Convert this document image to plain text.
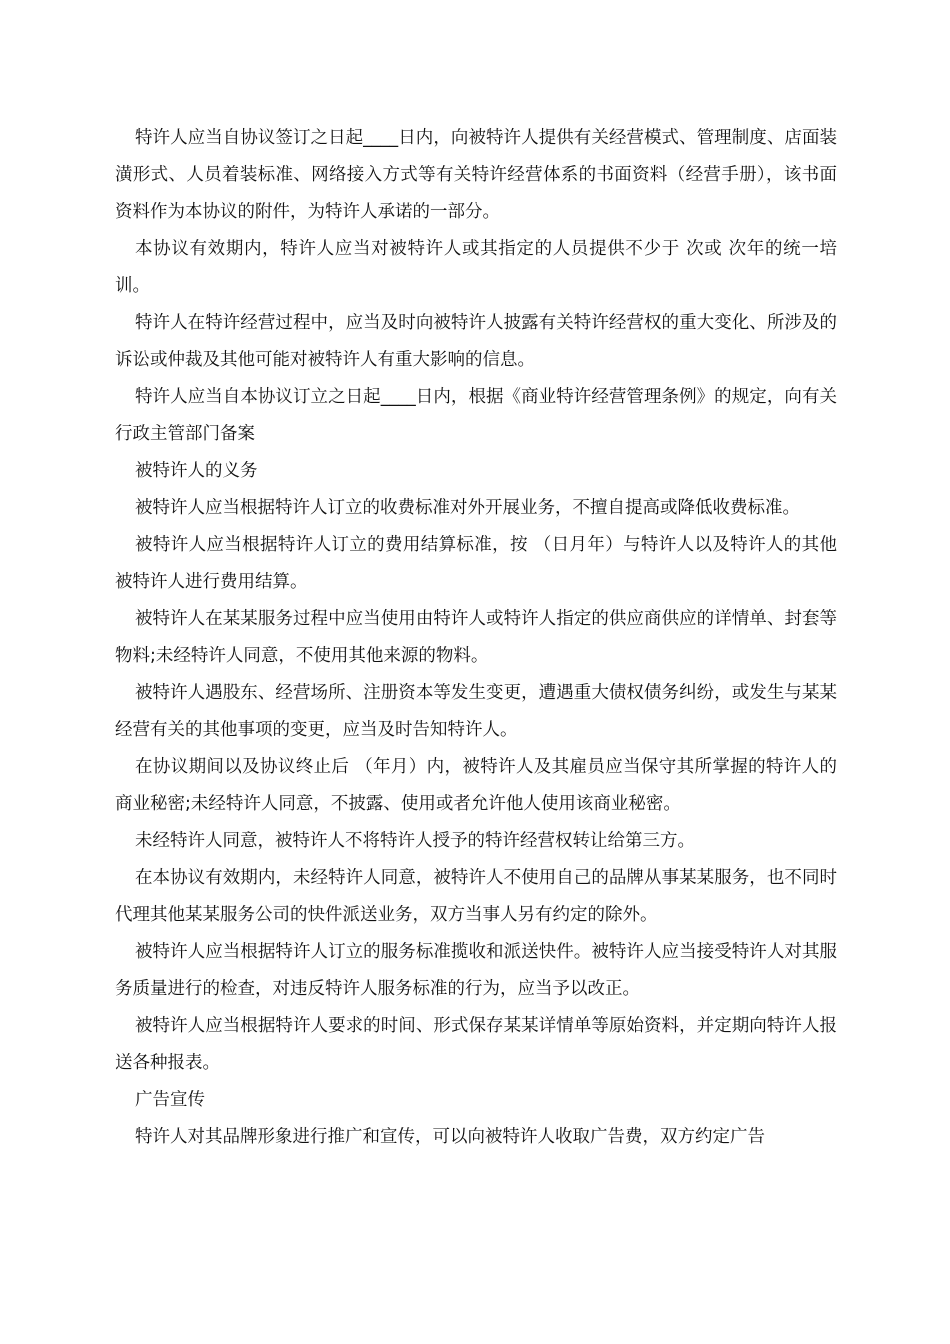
特许人应当自协议签订之日起____日内，向被特许人提供有关经营模式、管理制度、店面装潢形式、人员着装标准、网络接入方式等有关特许经营体系的书面资料（经营手册），该书面资料作为本协议的附件，为特许人承诺的一部分。

本协议有效期内，特许人应当对被特许人或其指定的人员提供不少于 次或 次年的统一培训。

特许人在特许经营过程中，应当及时向被特许人披露有关特许经营权的重大变化、所涉及的诉讼或仲裁及其他可能对被特许人有重大影响的信息。

特许人应当自本协议订立之日起____日内，根据《商业特许经营管理条例》的规定，向有关行政主管部门备案

被特许人的义务

被特许人应当根据特许人订立的收费标准对外开展业务，不擅自提高或降低收费标准。

被特许人应当根据特许人订立的费用结算标准，按 （日月年）与特许人以及特许人的其他被特许人进行费用结算。

被特许人在某某服务过程中应当使用由特许人或特许人指定的供应商供应的详情单、封套等物料;未经特许人同意，不使用其他来源的物料。

被特许人遇股东、经营场所、注册资本等发生变更，遭遇重大债权债务纠纷，或发生与某某经营有关的其他事项的变更，应当及时告知特许人。

在协议期间以及协议终止后 （年月）内，被特许人及其雇员应当保守其所掌握的特许人的商业秘密;未经特许人同意，不披露、使用或者允许他人使用该商业秘密。

未经特许人同意，被特许人不将特许人授予的特许经营权转让给第三方。

在本协议有效期内，未经特许人同意，被特许人不使用自己的品牌从事某某服务，也不同时代理其他某某服务公司的快件派送业务，双方当事人另有约定的除外。

被特许人应当根据特许人订立的服务标准揽收和派送快件。被特许人应当接受特许人对其服务质量进行的检查，对违反特许人服务标准的行为，应当予以改正。

被特许人应当根据特许人要求的时间、形式保存某某详情单等原始资料，并定期向特许人报送各种报表。

广告宣传

特许人对其品牌形象进行推广和宣传，可以向被特许人收取广告费，双方约定广告
